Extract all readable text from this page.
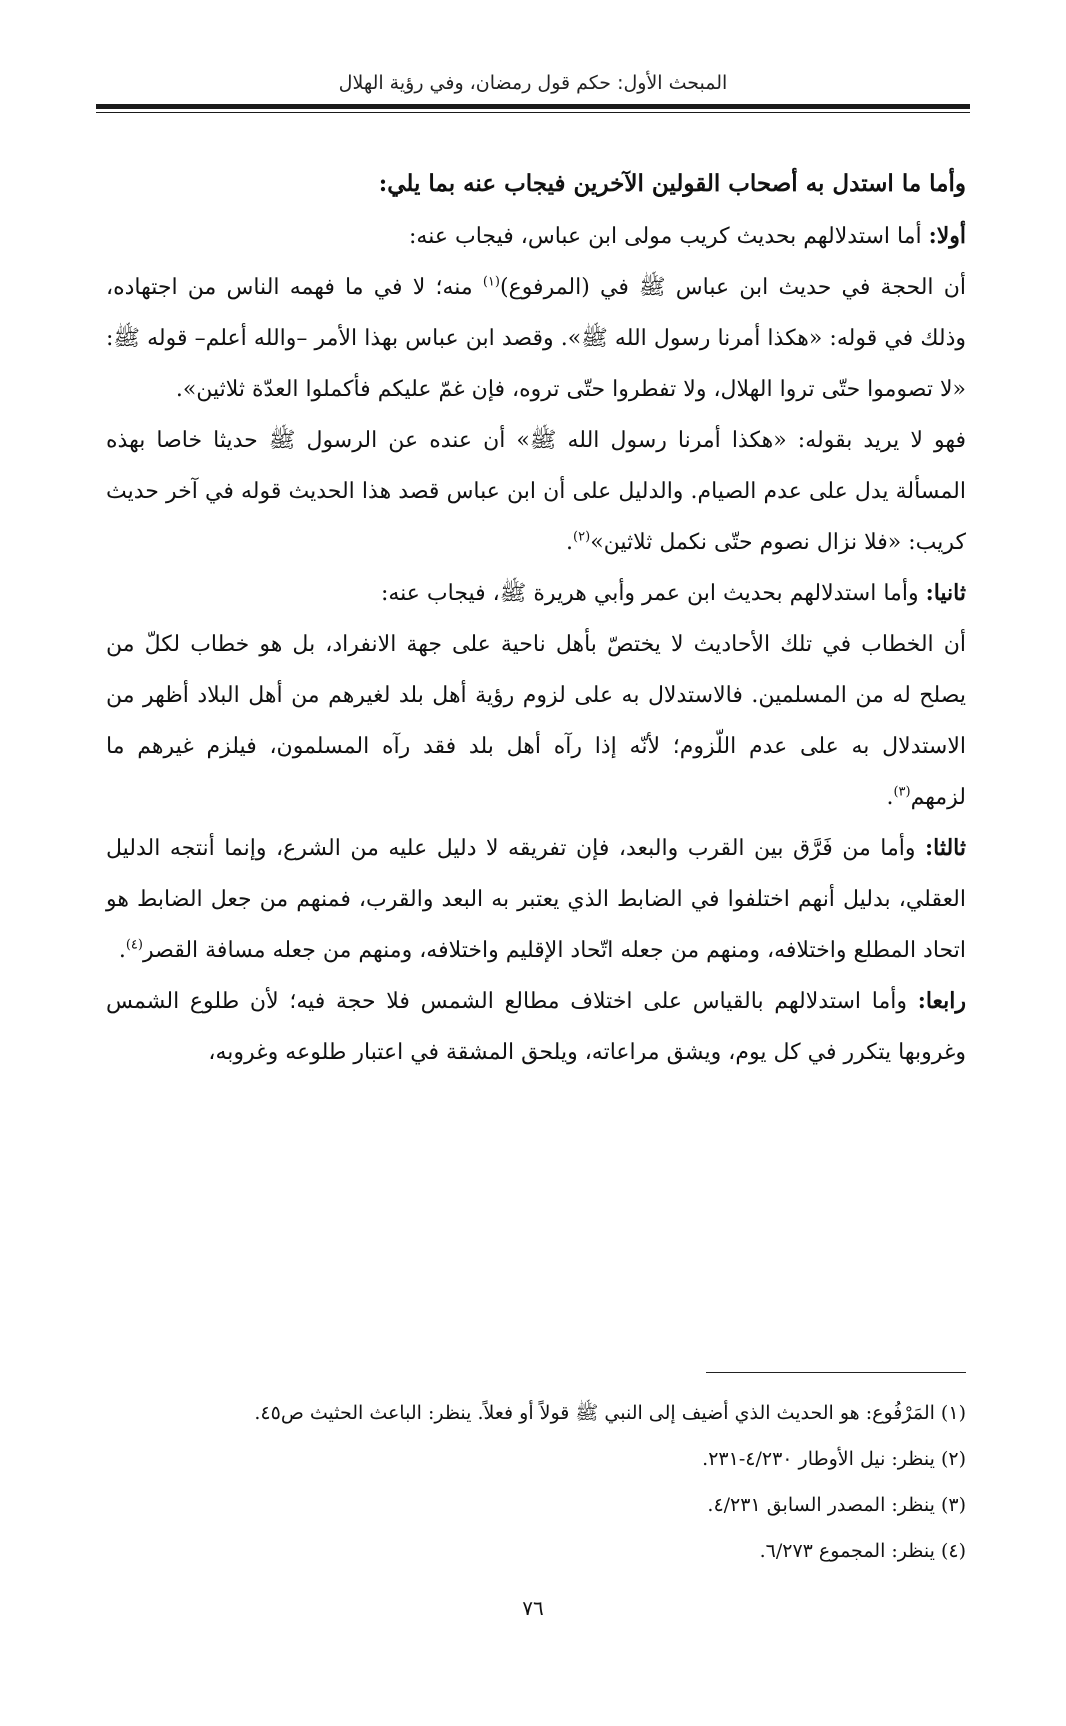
المبحث الأول: حكم قول رمضان، وفي رؤية الهلال

وأما ما استدل به أصحاب القولين الآخرين فيجاب عنه بما يلي:

أولا: أما استدلالهم بحديث كريب مولى ابن عباس، فيجاب عنه:

أن الحجة في حديث ابن عباس ﷺ في (المرفوع)$^{(١)}$ منه؛ لا في ما فهمه الناس من اجتهاده، وذلك في قوله: «هكذا أمرنا رسول الله ﷺ». وقصد ابن عباس بهذا الأمر –والله أعلم– قوله ﷺ: «لا تصوموا حتّى تروا الهلال، ولا تفطروا حتّى تروه، فإن غمّ عليكم فأكملوا العدّة ثلاثين».

فهو لا يريد بقوله: «هكذا أمرنا رسول الله ﷺ» أن عنده عن الرسول ﷺ حديثا خاصا بهذه المسألة يدل على عدم الصيام. والدليل على أن ابن عباس قصد هذا الحديث قوله في آخر حديث كريب: «فلا نزال نصوم حتّى نكمل ثلاثين»$^{(٢)}$.

ثانيا: وأما استدلالهم بحديث ابن عمر وأبي هريرة ﷺ، فيجاب عنه:

أن الخطاب في تلك الأحاديث لا يختصّ بأهل ناحية على جهة الانفراد، بل هو خطاب لكلّ من يصلح له من المسلمين. فالاستدلال به على لزوم رؤية أهل بلد لغيرهم من أهل البلاد أظهر من الاستدلال به على عدم اللّزوم؛ لأنّه إذا رآه أهل بلد فقد رآه المسلمون، فيلزم غيرهم ما لزمهم$^{(٣)}$.

ثالثا: وأما من فَرَّق بين القرب والبعد، فإن تفريقه لا دليل عليه من الشرع، وإنما أنتجه الدليل العقلي، بدليل أنهم اختلفوا في الضابط الذي يعتبر به البعد والقرب، فمنهم من جعل الضابط هو اتحاد المطلع واختلافه، ومنهم من جعله اتّحاد الإقليم واختلافه، ومنهم من جعله مسافة القصر$^{(٤)}$.

رابعا: وأما استدلالهم بالقياس على اختلاف مطالع الشمس فلا حجة فيه؛ لأن طلوع الشمس وغروبها يتكرر في كل يوم، ويشق مراعاته، ويلحق المشقة في اعتبار طلوعه وغروبه،

(١) المَرْفُوع: هو الحديث الذي أضيف إلى النبي ﷺ قولاً أو فعلاً. ينظر: الباعث الحثيث ص٤٥.

(٢) ينظر: نيل الأوطار ٤/٢٣٠-٢٣١.

(٣) ينظر: المصدر السابق ٤/٢٣١.

(٤) ينظر: المجموع ٦/٢٧٣.

٧٦
